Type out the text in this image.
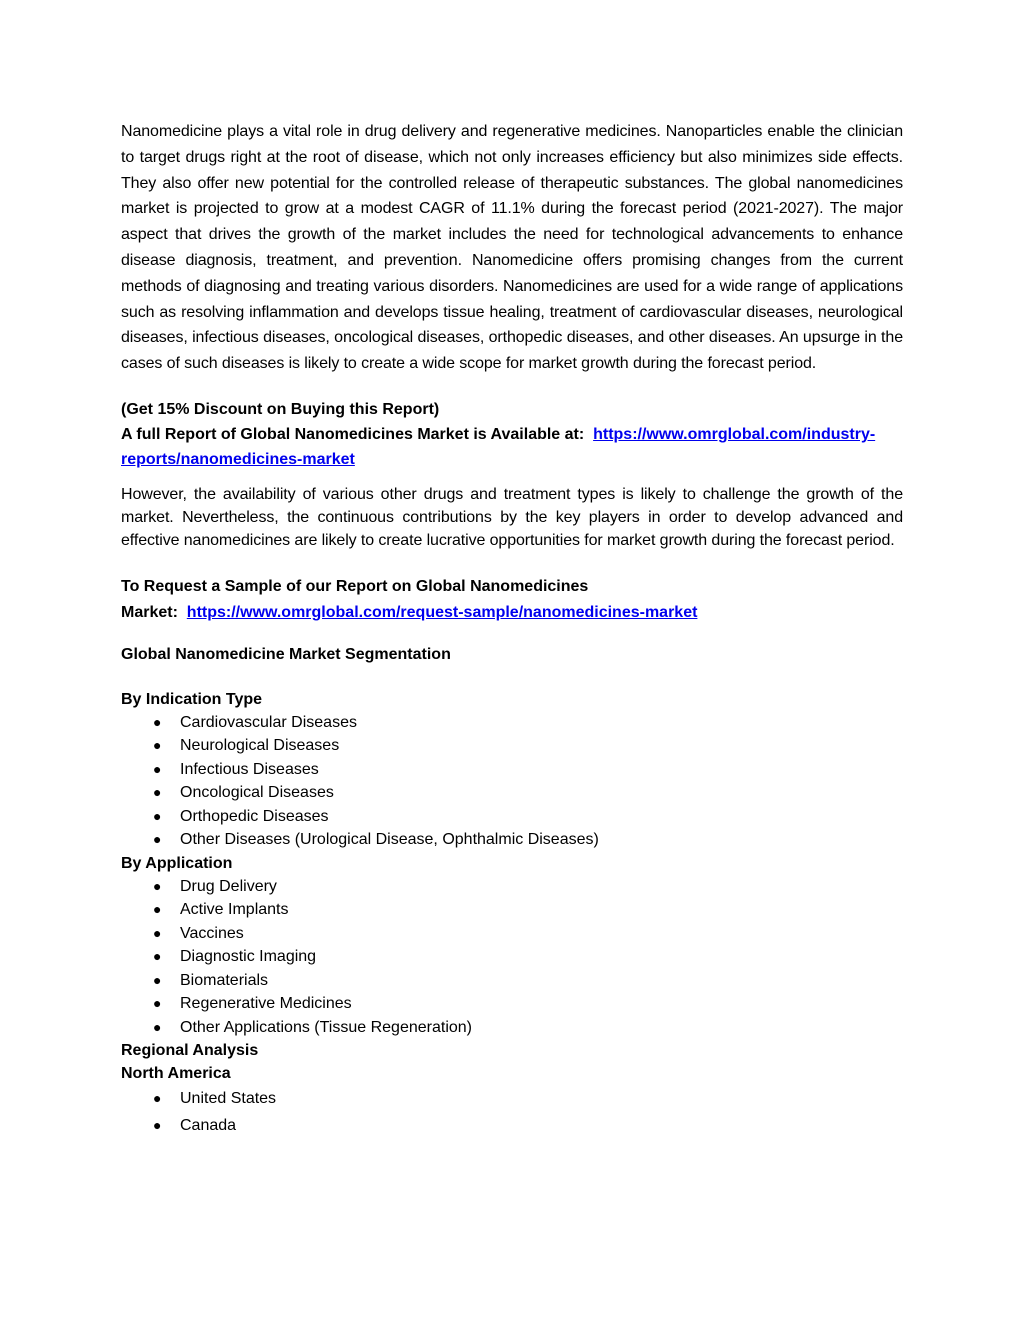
Nanomedicine plays a vital role in drug delivery and regenerative medicines. Nanoparticles enable the clinician to target drugs right at the root of disease, which not only increases efficiency but also minimizes side effects. They also offer new potential for the controlled release of therapeutic substances. The global nanomedicines market is projected to grow at a modest CAGR of 11.1% during the forecast period (2021-2027). The major aspect that drives the growth of the market includes the need for technological advancements to enhance disease diagnosis, treatment, and prevention. Nanomedicine offers promising changes from the current methods of diagnosing and treating various disorders. Nanomedicines are used for a wide range of applications such as resolving inflammation and develops tissue healing, treatment of cardiovascular diseases, neurological diseases, infectious diseases, oncological diseases, orthopedic diseases, and other diseases. An upsurge in the cases of such diseases is likely to create a wide scope for market growth during the forecast period.

(Get 15% Discount on Buying this Report)
A full Report of Global Nanomedicines Market is Available at: https://www.omrglobal.com/industry-reports/nanomedicines-market

However, the availability of various other drugs and treatment types is likely to challenge the growth of the market. Nevertheless, the continuous contributions by the key players in order to develop advanced and effective nanomedicines are likely to create lucrative opportunities for market growth during the forecast period.

To Request a Sample of our Report on Global Nanomedicines
Market: https://www.omrglobal.com/request-sample/nanomedicines-market
Global Nanomedicine Market Segmentation
By Indication Type
● Cardiovascular Diseases
● Neurological Diseases
● Infectious Diseases
● Oncological Diseases
● Orthopedic Diseases
● Other Diseases (Urological Disease, Ophthalmic Diseases)
By Application
● Drug Delivery
● Active Implants
● Vaccines
● Diagnostic Imaging
● Biomaterials
● Regenerative Medicines
● Other Applications (Tissue Regeneration)
Regional Analysis
North America
● United States
● Canada
